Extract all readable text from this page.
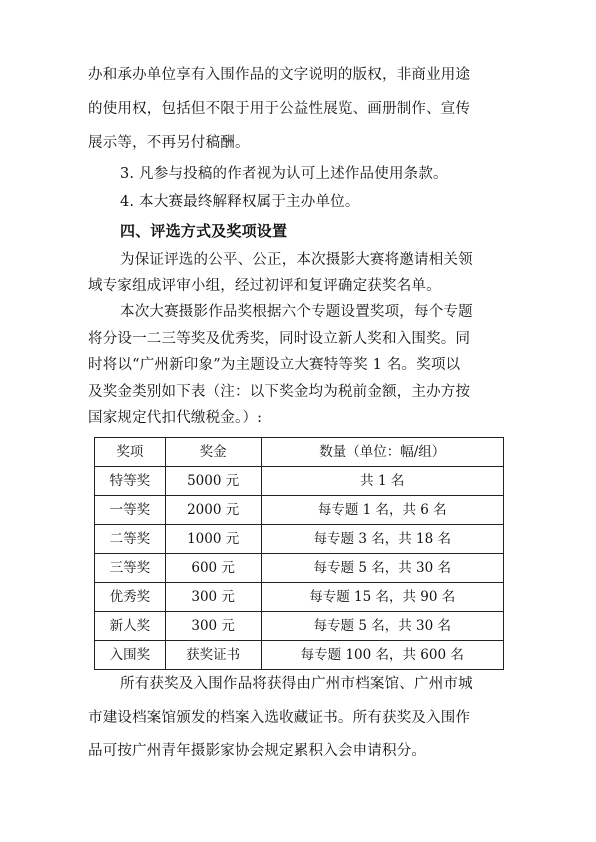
办和承办单位享有入围作品的文字说明的版权，非商业用途
的使用权，包括但不限于用于公益性展览、画册制作、宣传
展示等，不再另付稿酬。
3. 凡参与投稿的作者视为认可上述作品使用条款。
4. 本大赛最终解释权属于主办单位。
四、评选方式及奖项设置
为保证评选的公平、公正，本次摄影大赛将邀请相关领
域专家组成评审小组，经过初评和复评确定获奖名单。
本次大赛摄影作品奖根据六个专题设置奖项，每个专题
将分设一二三等奖及优秀奖，同时设立新人奖和入围奖。同
时将以“广州新印象”为主题设立大赛特等奖 1 名。奖项以
及奖金类别如下表（注：以下奖金均为税前金额，主办方按
国家规定代扣代缴税金。）:
奖项	奖金	数量（单位：幅/组）
特等奖	5000 元	共 1 名
一等奖	2000 元	每专题 1 名，共 6 名
二等奖	1000 元	每专题 3 名，共 18 名
三等奖	600 元	每专题 5 名，共 30 名
优秀奖	300 元	每专题 15 名，共 90 名
新人奖	300 元	每专题 5 名，共 30 名
入围奖	获奖证书	每专题 100 名，共 600 名
所有获奖及入围作品将获得由广州市档案馆、广州市城
市建设档案馆颁发的档案入选收藏证书。所有获奖及入围作
品可按广州青年摄影家协会规定累积入会申请积分。
